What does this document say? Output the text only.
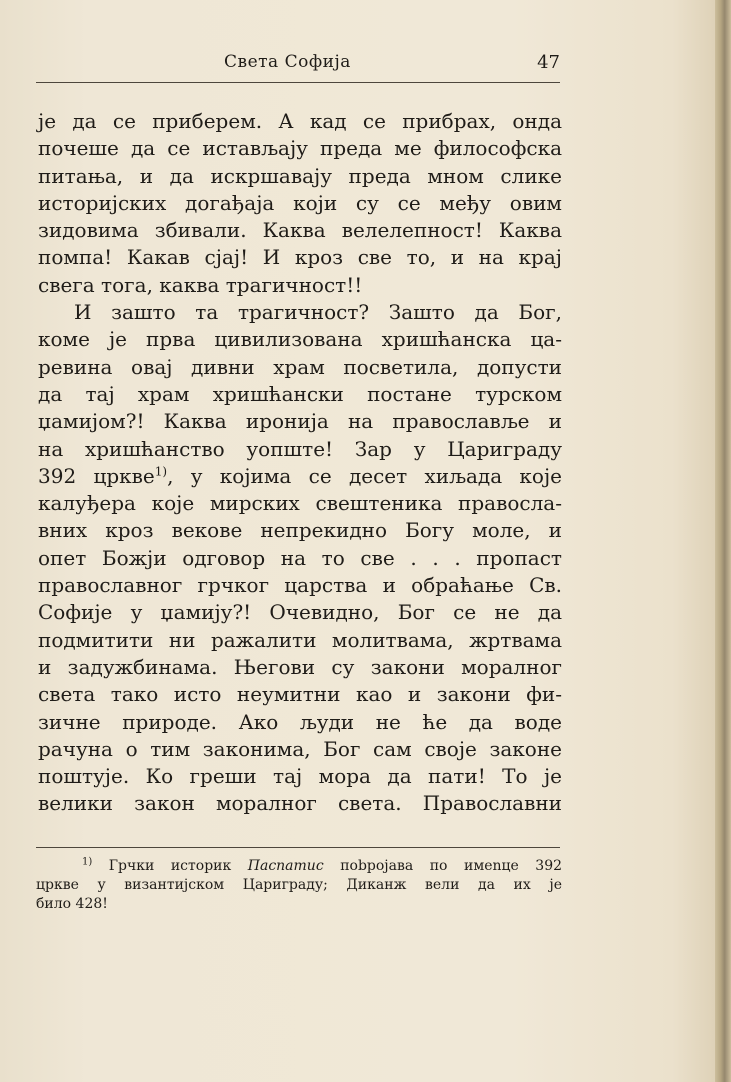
Света Софија	47
је да се приберем. А кад се прибрах, онда
почеше да се истављају преда ме философска
питања, и да искршавају преда мном слике
историјских догађаја који су се међу овим
зидовима збивали. Каква велелепност! Каква
помпа! Какав сјај! И кроз све то, и на крај
свега тога, каква трагичност!!
И зашто та трагичност? Зашто да Бог,
коме је прва цивилизована хришћанска ца-
ревина овај дивни храм посветила, допусти
да тај храм хришћански постане турском
џамијом?! Каква иронија на православље и
на хришћанство уопште! Зар у Цариграду
392 цркве$^{1)}$, у којима се десет хиљада које
калуђера које мирских свештеника правосла-
вних кроз векове непрекидно Богу моле, и
опет Божји одговор на то све . . . пропаст
православног грчког царства и обраћање Св.
Софије у џамију?! Очевидно, Бог се не да
подмитити ни ражалити молитвама, жртвама
и задужбинама. Његови су закони моралног
света тако исто неумитни као и закони фи-
зичне природе. Ако људи не ће да воде
рачуна о тим законима, Бог сам своје законе
поштује. Ко греши тај мора да пати! То је
велики закон моралног света. Православни
$^{1)}$ Грчки историк Паспатис пobројава по имenце 392
цркве у византијском Цариграду; Диканж вели да их је
било 428!
